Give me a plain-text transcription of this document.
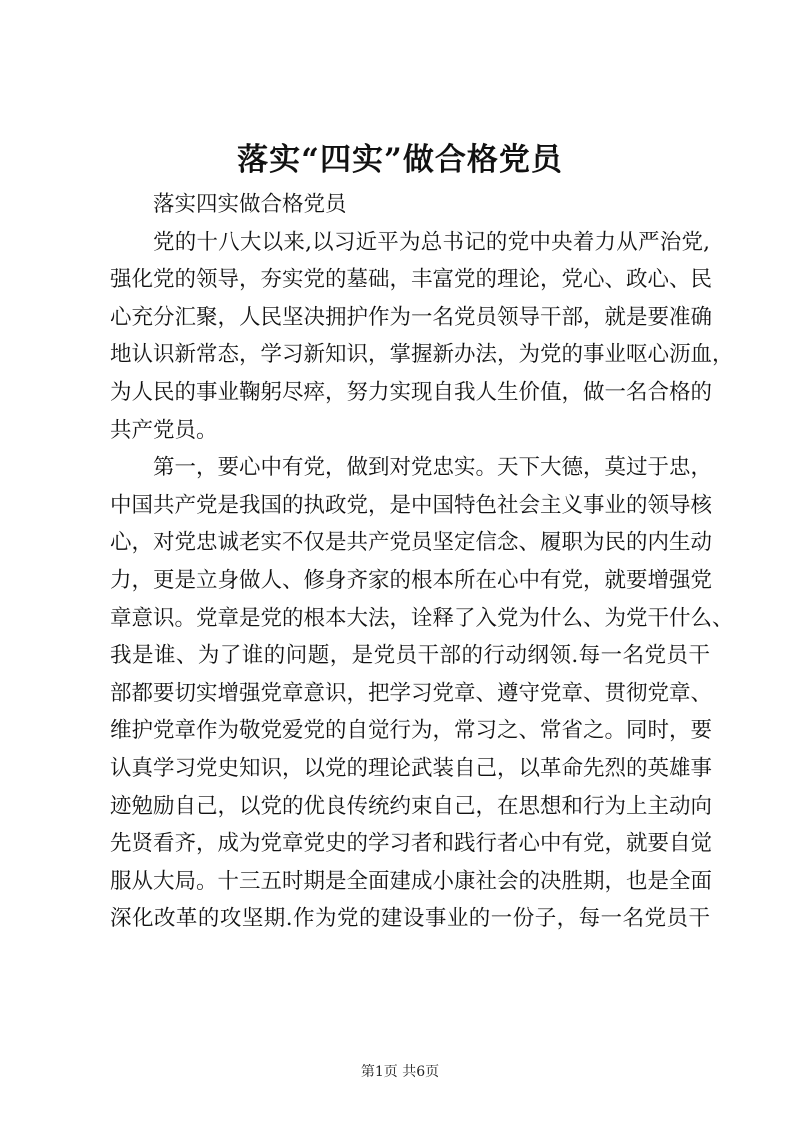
落实“四实”做合格党员
落实四实做合格党员
党的十八大以来,以习近平为总书记的党中央着力从严治党,
强化党的领导，夯实党的墓础，丰富党的理论，党心、政心、民
心充分汇聚，人民坚决拥护作为一名党员领导干部，就是要准确
地认识新常态，学习新知识，掌握新办法，为党的事业呕心沥血，
为人民的事业鞠躬尽瘁，努力实现自我人生价值，做一名合格的
共产党员。
第一，要心中有党，做到对党忠实。天下大德，莫过于忠，
中国共产党是我国的执政党，是中国特色社会主义事业的领导核
心，对党忠诚老实不仅是共产党员坚定信念、履职为民的内生动
力，更是立身做人、修身齐家的根本所在心中有党，就要增强党
章意识。党章是党的根本大法，诠释了入党为什么、为党干什么、
我是谁、为了谁的问题，是党员干部的行动纲领.每一名党员干
部都要切实增强党章意识，把学习党章、遵守党章、贯彻党章、
维护党章作为敬党爱党的自觉行为，常习之、常省之。同时，要
认真学习党史知识，以党的理论武装自己，以革命先烈的英雄事
迹勉励自己，以党的优良传统约束自己，在思想和行为上主动向
先贤看齐，成为党章党史的学习者和践行者心中有党，就要自觉
服从大局。十三五时期是全面建成小康社会的决胜期，也是全面
深化改革的攻坚期.作为党的建设事业的一份子，每一名党员干
第1页 共6页
